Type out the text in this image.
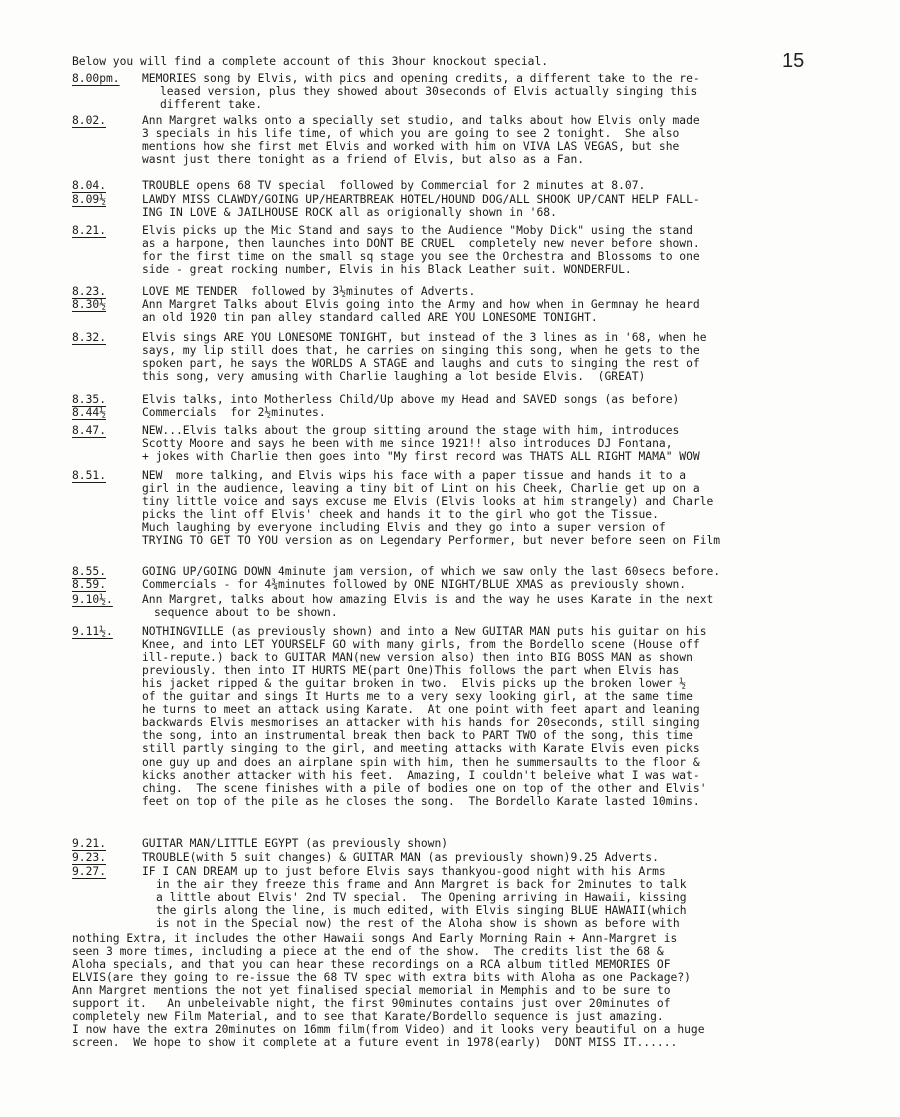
15
Below you will find a complete account of this 3hour knockout special.
8.00pm. MEMORIES song by Elvis, with pics and opening credits, a different take to the re-
leased version, plus they showed about 30seconds of Elvis actually singing this
different take.
8.02.	Ann Margret walks onto a specially set studio, and talks about how Elvis only made
3 specials in his life time, of which you are going to see 2 tonight.  She also
mentions how she first met Elvis and worked with him on VIVA LAS VEGAS, but she
wasnt just there tonight as a friend of Elvis, but also as a Fan.
8.04.	TROUBLE opens 68 TV special  followed by Commercial for 2 minutes at 8.07.
8.09½	LAWDY MISS CLAWDY/GOING UP/HEARTBREAK HOTEL/HOUND DOG/ALL SHOOK UP/CANT HELP FALL-
ING IN LOVE & JAILHOUSE ROCK all as origionally shown in '68.
8.21.	Elvis picks up the Mic Stand and says to the Audience "Moby Dick" using the stand
as a harpone, then launches into DONT BE CRUEL  completely new never before shown.
for the first time on the small sq stage you see the Orchestra and Blossoms to one
side - great rocking number, Elvis in his Black Leather suit. WONDERFUL.
8.23.	LOVE ME TENDER  followed by 3½minutes of Adverts.
8.30½	Ann Margret Talks about Elvis going into the Army and how when in Germnay he heard
an old 1920 tin pan alley standard called ARE YOU LONESOME TONIGHT.
8.32.	Elvis sings ARE YOU LONESOME TONIGHT, but instead of the 3 lines as in '68, when he
says, my lip still does that, he carries on singing this song, when he gets to the
spoken part, he says the WORLDS A STAGE and laughs and cuts to singing the rest of
this song, very amusing with Charlie laughing a lot beside Elvis.  (GREAT)
8.35.	Elvis talks, into Motherless Child/Up above my Head and SAVED songs (as before)
8.44½	Commercials  for 2½minutes.
8.47.	NEW...Elvis talks about the group sitting around the stage with him, introduces
Scotty Moore and says he been with me since 1921!! also introduces DJ Fontana,
+ jokes with Charlie then goes into "My first record was THATS ALL RIGHT MAMA" WOW
8.51.	NEW  more talking, and Elvis wips his face with a paper tissue and hands it to a
girl in the audience, leaving a tiny bit of Lint on his Cheek, Charlie get up on a
tiny little voice and says excuse me Elvis (Elvis looks at him strangely) and Charle
picks the lint off Elvis' cheek and hands it to the girl who got the Tissue.
Much laughing by everyone including Elvis and they go into a super version of
TRYING TO GET TO YOU version as on Legendary Performer, but never before seen on Film
8.55.	GOING UP/GOING DOWN 4minute jam version, of which we saw only the last 60secs before.
8.59.	Commercials - for 4¾minutes followed by ONE NIGHT/BLUE XMAS as previously shown.
9.10½.	Ann Margret, talks about how amazing Elvis is and the way he uses Karate in the next
sequence about to be shown.
9.11½.	NOTHINGVILLE (as previously shown) and into a New GUITAR MAN puts his guitar on his
Knee, and into LET YOURSELF GO with many girls, from the Bordello scene (House off
ill-repute.) back to GUITAR MAN(new version also) then into BIG BOSS MAN as shown
previously. then into IT HURTS ME(part One)This follows the part when Elvis has
his jacket ripped & the guitar broken in two.  Elvis picks up the broken lower ½
of the guitar and sings It Hurts me to a very sexy looking girl, at the same time
he turns to meet an attack using Karate.  At one point with feet apart and leaning
backwards Elvis mesmorises an attacker with his hands for 20seconds, still singing
the song, into an instrumental break then back to PART TWO of the song, this time
still partly singing to the girl, and meeting attacks with Karate Elvis even picks
one guy up and does an airplane spin with him, then he summersaults to the floor &
kicks another attacker with his feet.  Amazing, I couldn't beleive what I was wat-
ching.  The scene finishes with a pile of bodies one on top of the other and Elvis'
feet on top of the pile as he closes the song.  The Bordello Karate lasted 10mins.
9.21.	GUITAR MAN/LITTLE EGYPT (as previously shown)
9.23.	TROUBLE(with 5 suit changes) & GUITAR MAN (as previously shown)9.25 Adverts.
9.27.	IF I CAN DREAM up to just before Elvis says thankyou-good night with his Arms
in the air they freeze this frame and Ann Margret is back for 2minutes to talk
a little about Elvis' 2nd TV special.  The Opening arriving in Hawaii, kissing
the girls along the line, is much edited, with Elvis singing BLUE HAWAII(which
is not in the Special now) the rest of the Aloha show is shown as before with
nothing Extra, it includes the other Hawaii songs And Early Morning Rain + Ann-Margret is
seen 3 more times, including a piece at the end of the show.  The credits list the 68 &
Aloha specials, and that you can hear these recordings on a RCA album titled MEMORIES OF
ELVIS(are they going to re-issue the 68 TV spec with extra bits with Aloha as one Package?)
Ann Margret mentions the not yet finalised special memorial in Memphis and to be sure to
support it.   An unbeleivable night, the first 90minutes contains just over 20minutes of
completely new Film Material, and to see that Karate/Bordello sequence is just amazing.
I now have the extra 20minutes on 16mm film(from Video) and it looks very beautiful on a huge
screen.  We hope to show it complete at a future event in 1978(early)  DONT MISS IT......
